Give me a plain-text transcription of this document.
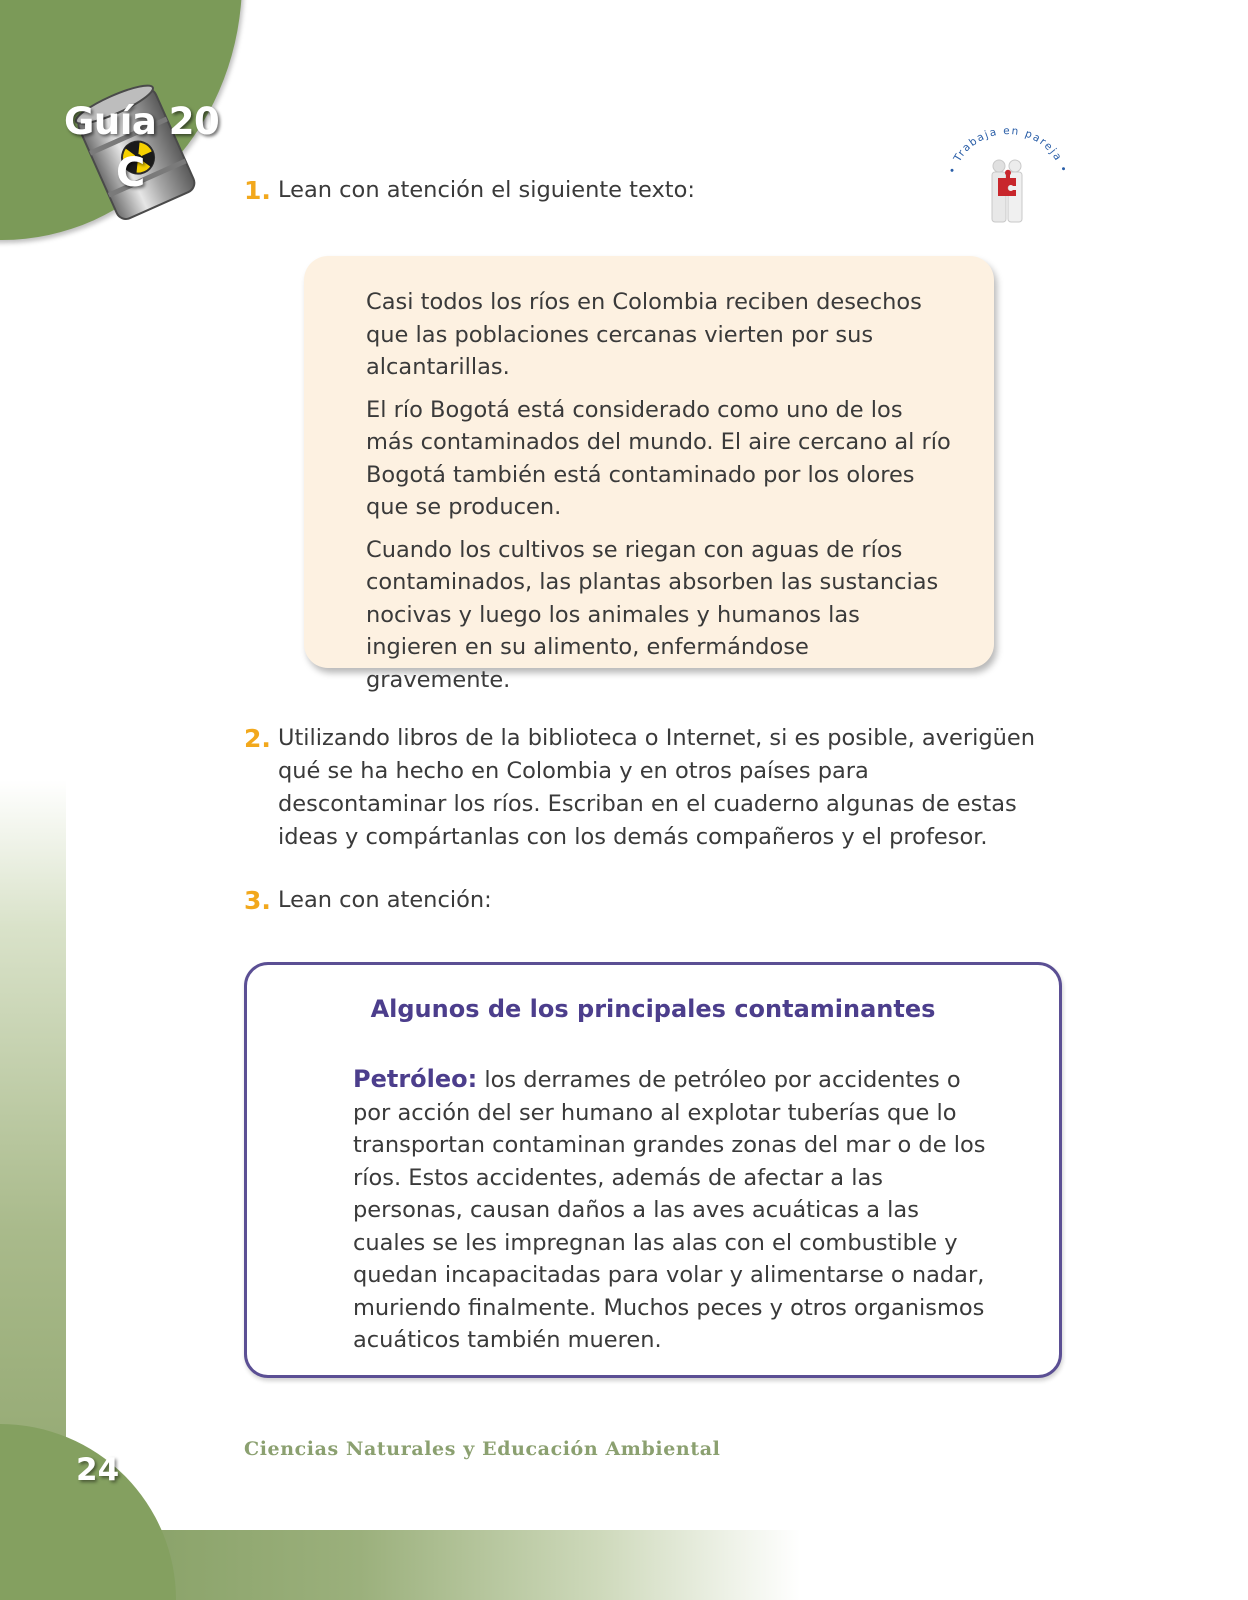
Guía 20
C	• Trabaja en pareja •
1. Lean con atención el siguiente texto:

Casi todos los ríos en Colombia reciben desechos que las poblaciones cercanas vierten por sus alcantarillas.

El río Bogotá está considerado como uno de los más contaminados del mundo. El aire cercano al río Bogotá también está contaminado por los olores que se producen.

Cuando los cultivos se riegan con aguas de ríos contaminados, las plantas absorben las sustancias nocivas y luego los animales y humanos las ingieren en su alimento, enfermándose gravemente.

2. Utilizando libros de la biblioteca o Internet, si es posible, averigüen qué se ha hecho en Colombia y en otros países para descontaminar los ríos. Escriban en el cuaderno algunas de estas ideas y compártanlas con los demás compañeros y el profesor.
3. Lean con atención:
Algunos de los principales contaminantes

Petróleo: los derrames de petróleo por accidentes o por acción del ser humano al explotar tuberías que lo transportan contaminan grandes zonas del mar o de los ríos. Estos accidentes, además de afectar a las personas, causan daños a las aves acuáticas a las cuales se les impregnan las alas con el combustible y quedan incapacitadas para volar y alimentarse o nadar, muriendo finalmente. Muchos peces y otros organismos acuáticos también mueren.

Ciencias Naturales y Educación Ambiental
24
